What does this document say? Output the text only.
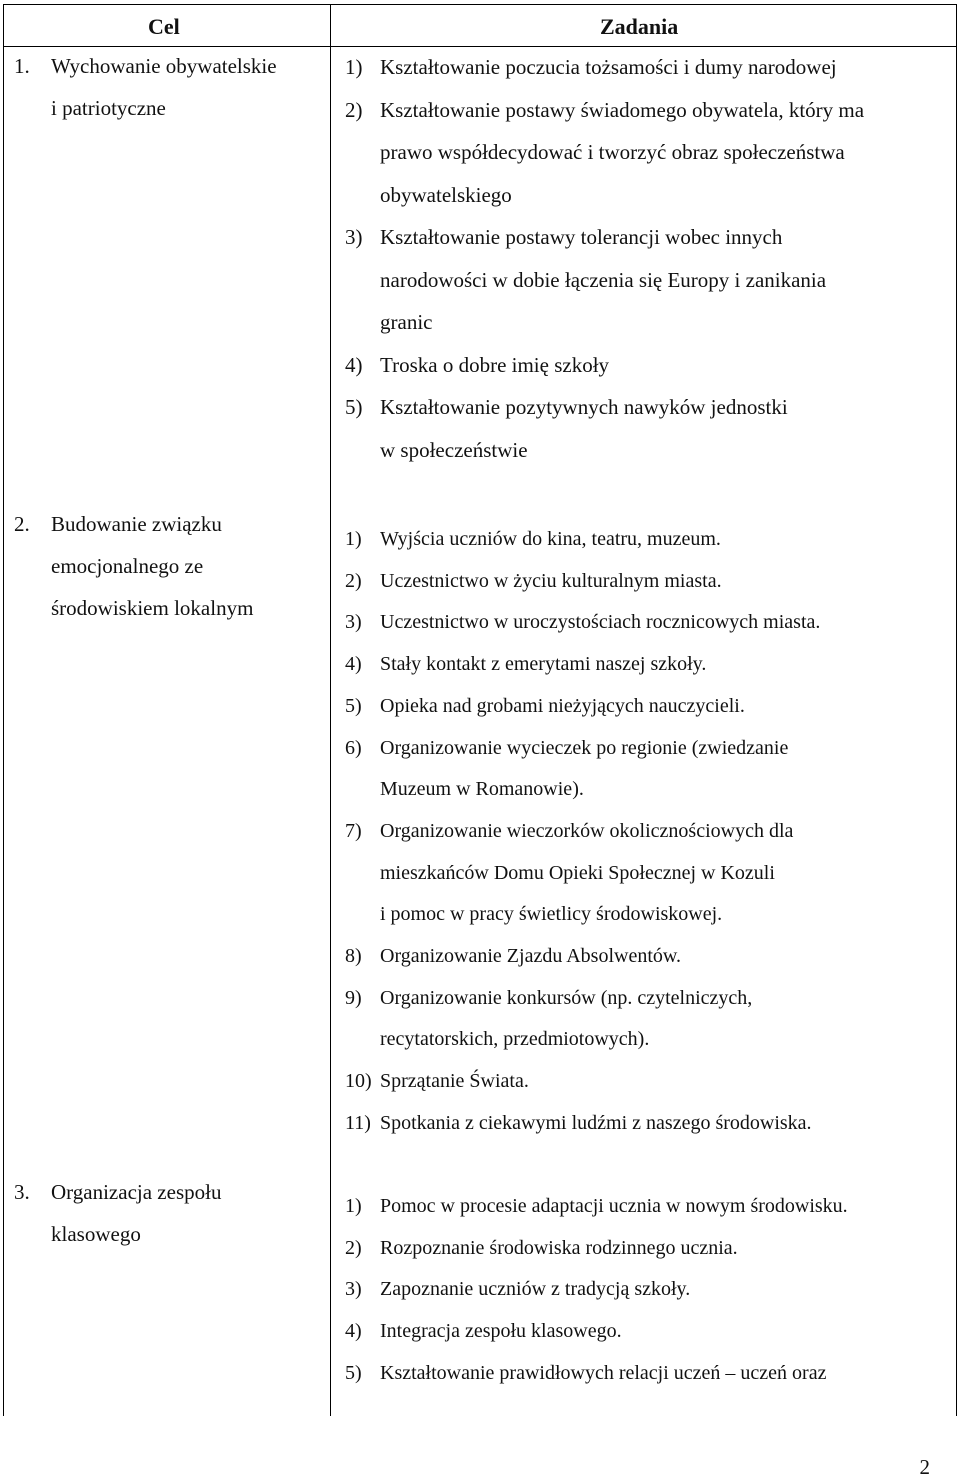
Cel	Zadania
1. Wychowanie obywatelskie
i patriotyczne
2. Budowanie związku
emocjonalnego ze
środowiskiem lokalnym
3. Organizacja zespołu
klasowego
1) Kształtowanie poczucia tożsamości i dumy narodowej
2) Kształtowanie postawy świadomego obywatela, który ma
prawo współdecydować i tworzyć obraz społeczeństwa
obywatelskiego
3) Kształtowanie postawy tolerancji wobec innych
narodowości w dobie łączenia się Europy i zanikania
granic
4) Troska o dobre imię szkoły
5) Kształtowanie pozytywnych nawyków jednostki
w społeczeństwie
1) Wyjścia uczniów do kina, teatru, muzeum.
2) Uczestnictwo w życiu kulturalnym miasta.
3) Uczestnictwo w uroczystościach rocznicowych miasta.
4) Stały kontakt z emerytami naszej szkoły.
5) Opieka nad grobami nieżyjących nauczycieli.
6) Organizowanie wycieczek po regionie (zwiedzanie
Muzeum w Romanowie).
7) Organizowanie wieczorków okolicznościowych dla
mieszkańców Domu Opieki Społecznej w Kozuli
i pomoc w pracy świetlicy środowiskowej.
8) Organizowanie Zjazdu Absolwentów.
9) Organizowanie konkursów (np. czytelniczych,
recytatorskich, przedmiotowych).
10) Sprzątanie Świata.
11) Spotkania z ciekawymi ludźmi z naszego środowiska.
1) Pomoc w procesie adaptacji ucznia w nowym środowisku.
2) Rozpoznanie środowiska rodzinnego ucznia.
3) Zapoznanie uczniów z tradycją szkoły.
4) Integracja zespołu klasowego.
5) Kształtowanie prawidłowych relacji uczeń – uczeń oraz
2
